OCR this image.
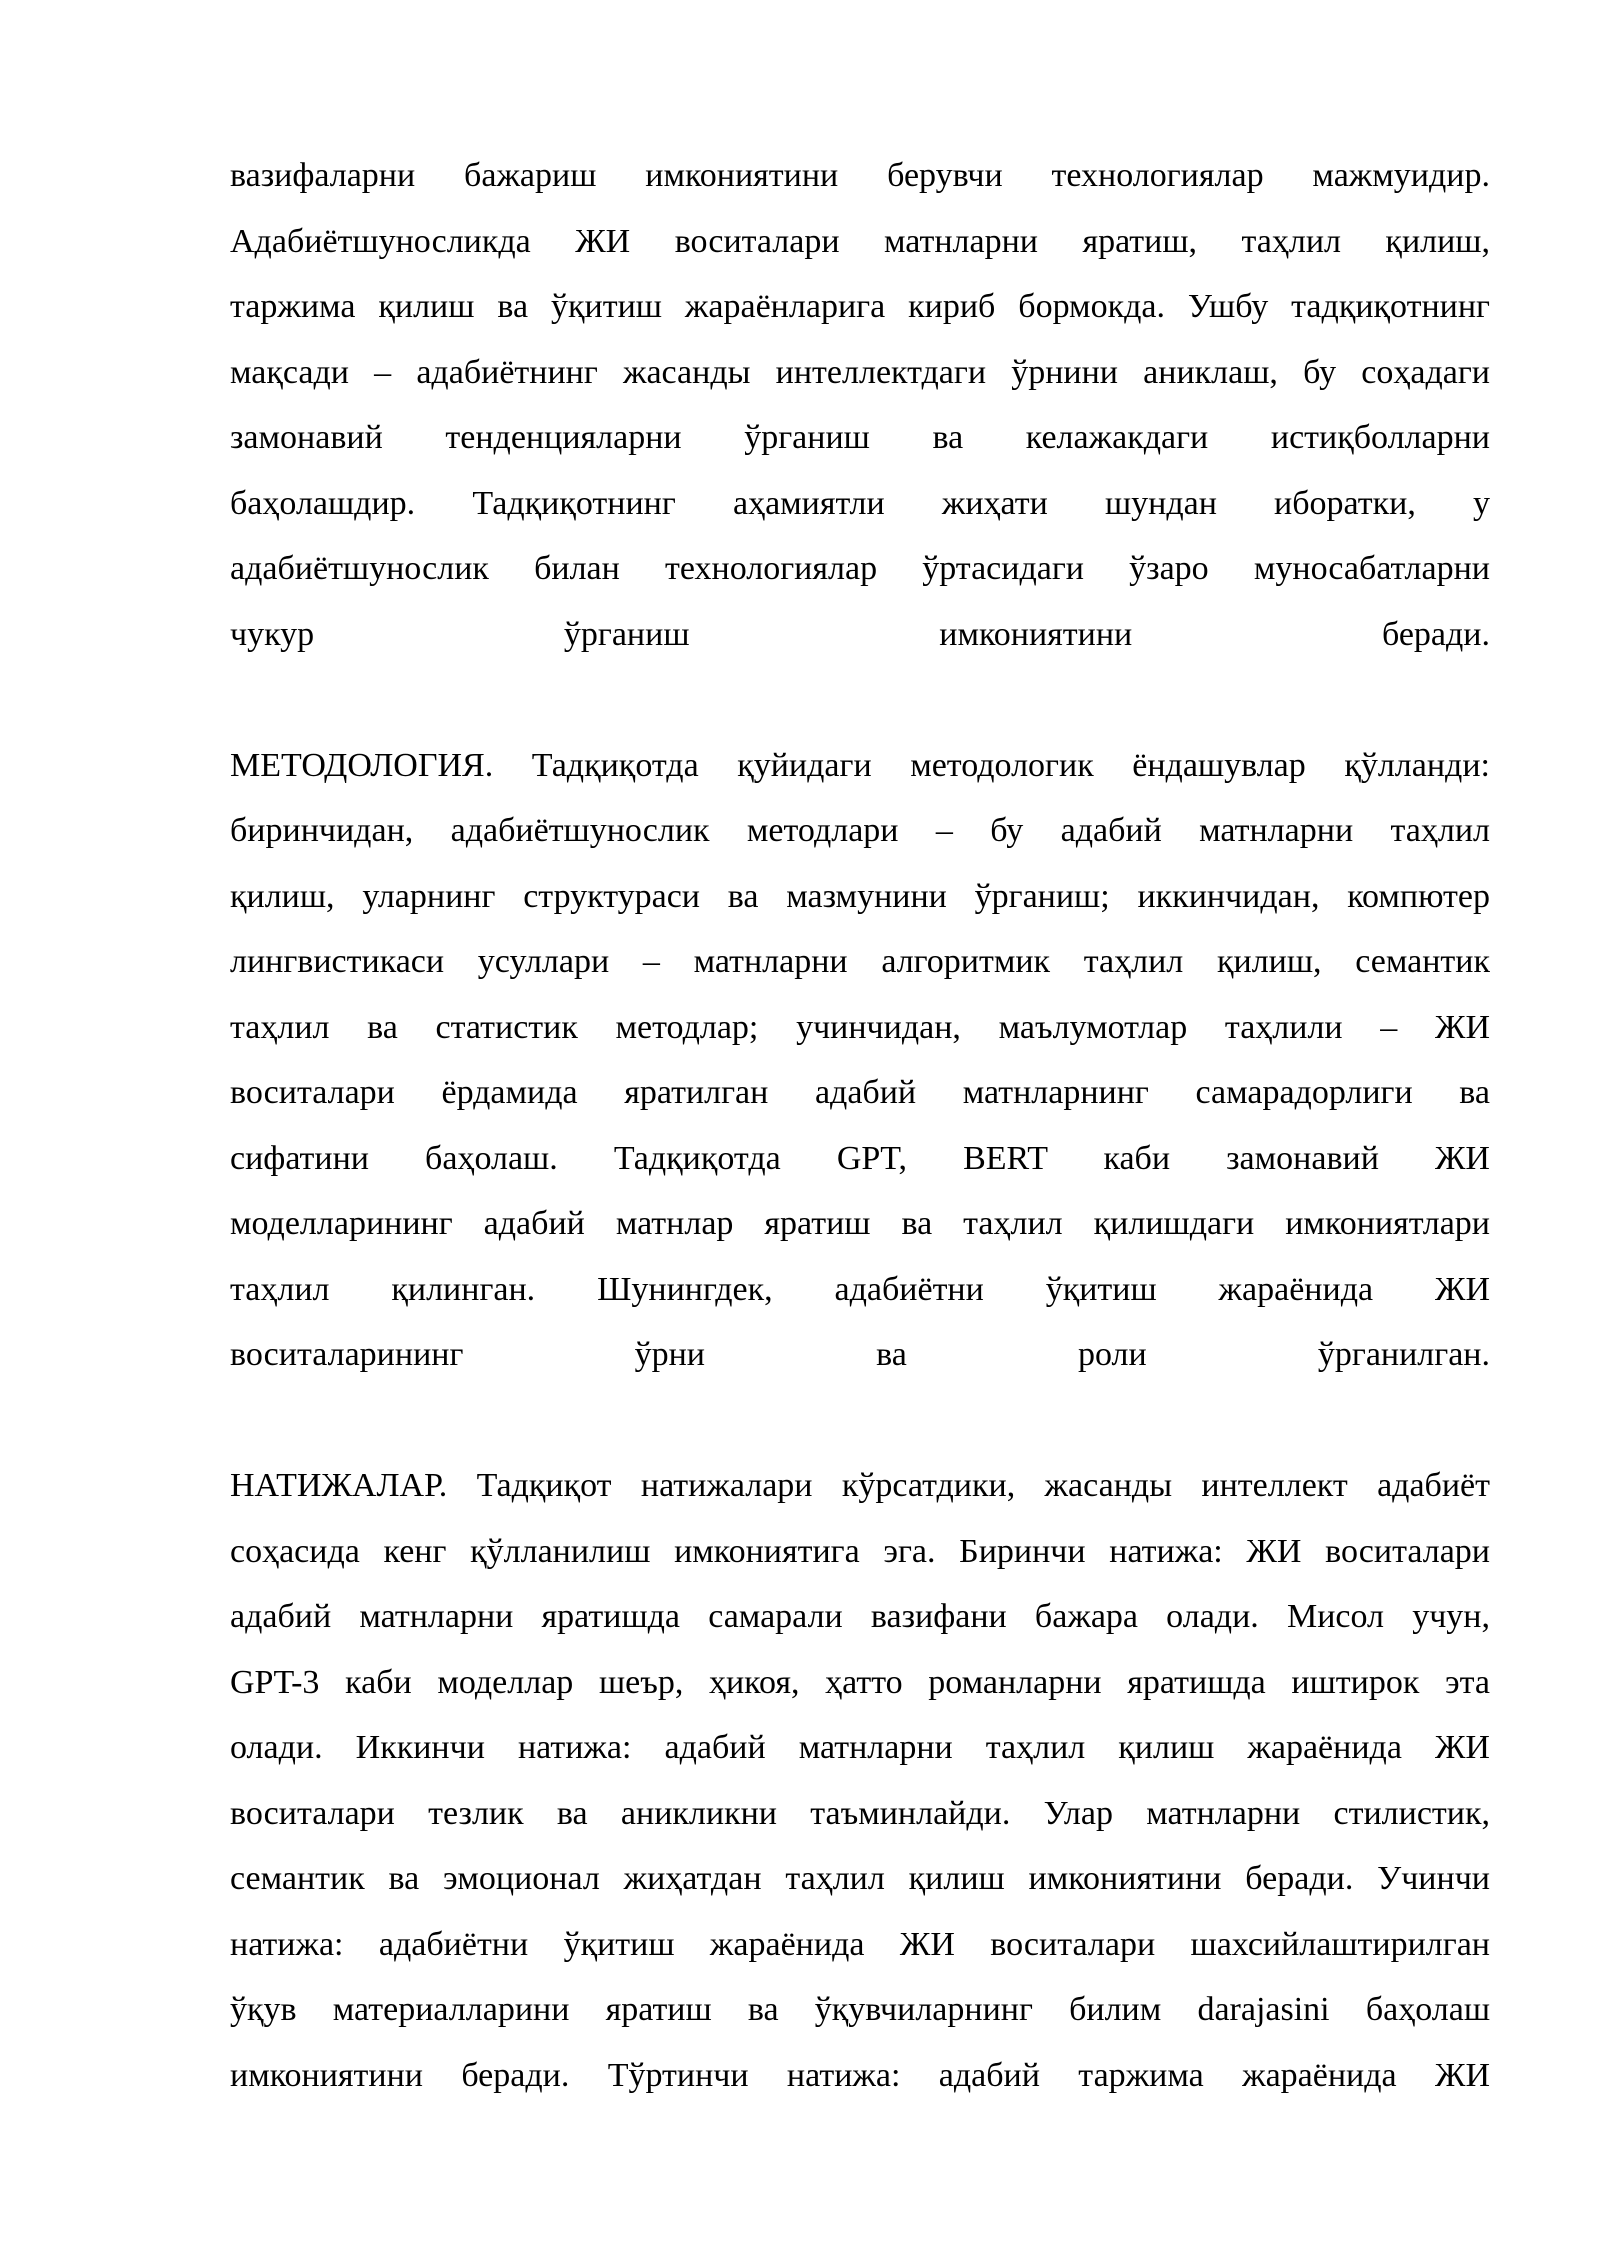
вазифаларни бажариш имкониятини берувчи технологиялар мажмуидир.
Адабиётшуносликда ЖИ воситалари матнларни яратиш, таҳлил қилиш,
таржима қилиш ва ўқитиш жараёнларига кириб бормокда. Ушбу тадқиқотнинг
мақсади – адабиётнинг жасанды интеллектдаги ўрнини аниклаш, бу соҳадаги
замонавий тенденцияларни ўрганиш ва келажакдаги истиқболларни
баҳолашдир. Тадқиқотнинг аҳамиятли жиҳати шундан иборатки, у
адабиётшунослик билан технологиялар ўртасидаги ўзаро муносабатларни
чукур ўрганиш имкониятини беради.
МЕТОДОЛОГИЯ. Тадқиқотда қуйидаги методологик ёндашувлар қўлланди:
биринчидан, адабиётшунослик методлари – бу адабий матнларни таҳлил
қилиш, уларнинг структураси ва мазмунини ўрганиш; иккинчидан, компютер
лингвистикаси усуллари – матнларни алгоритмик таҳлил қилиш, семантик
таҳлил ва статистик методлар; учинчидан, маълумотлар таҳлили – ЖИ
воситалари ёрдамида яратилган адабий матнларнинг самарадорлиги ва
сифатини баҳолаш. Тадқиқотда GPT, BERT каби замонавий ЖИ
моделларининг адабий матнлар яратиш ва таҳлил қилишдаги имкониятлари
таҳлил қилинган. Шунингдек, адабиётни ўқитиш жараёнида ЖИ
воситаларининг ўрни ва роли ўрганилган.
НАТИЖАЛАР. Тадқиқот натижалари кўрсатдики, жасанды интеллект адабиёт
соҳасида кенг қўлланилиш имкониятига эга. Биринчи натижа: ЖИ воситалари
адабий матнларни яратишда самарали вазифани бажара олади. Мисол учун,
GPT-3 каби моделлар шеър, ҳикоя, ҳатто романларни яратишда иштирок эта
олади. Иккинчи натижа: адабий матнларни таҳлил қилиш жараёнида ЖИ
воситалари тезлик ва аникликни таъминлайди. Улар матнларни стилистик,
семантик ва эмоционал жиҳатдан таҳлил қилиш имкониятини беради. Учинчи
натижа: адабиётни ўқитиш жараёнида ЖИ воситалари шахсийлаштирилган
ўқув материалларини яратиш ва ўқувчиларнинг билим darajasini баҳолаш
имкониятини беради. Тўртинчи натижа: адабий таржима жараёнида ЖИ
